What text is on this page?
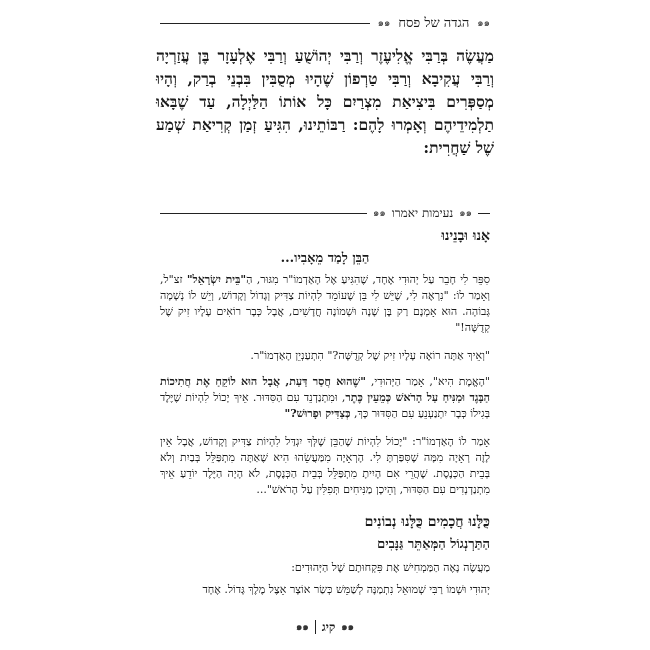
๑๑
הגדה של פסח
๑๑
מַעֲשֶׂה בְּרַבִּי אֱלִיעֶזֶר וְרַבִּי יְהוֹשֻׁעַ וְרַבִּי אֶלְעָזָר בֶּן עֲזַרְיָה וְרַבִּי עֲקִיבָא וְרַבִּי טַרְפוֹן שֶׁהָיוּ מְסֻבִּין בִּבְנֵי בְרַק, וְהָיוּ מְסַפְּרִים בִּיצִיאַת מִצְרַיִם כָּל אוֹתוֹ הַלַּיְלָה, עַד שֶׁבָּאוּ תַלְמִידֵיהֶם וְאָמְרוּ לָהֶם: רַבּוֹתֵינוּ, הִגִּיעַ זְמַן קְרִיאַת שְׁמַע שֶׁל שַׁחֲרִית:
๑๑
נעימות יאמרו
๑๑
אָנוּ וּבָנֵינוּ
הַבֵּן לָמַד מֵאָבִיו...
סִפֵּר לִי חָבֵר עַל יְהוּדִי אֶחָד, שֶׁהִגִּיעַ אֶל הָאַדְמוֹ"ר מִגּוּר, הַ"בֵּית יִשְׂרָאֵל" זצ"ל, וְאָמַר לוֹ: "נִרְאֶה לִי, שֶׁיֵּשׁ לִי בֵּן שֶׁעוֹמֵד לִהְיוֹת צַדִּיק וְגָדוֹל וְקָדוֹשׁ, וְיֵשׁ לוֹ נְשָׁמָה גְּבוֹהָה. הוּא אָמְנָם רַק בֶּן שָׁנָה וּשְׁמוֹנָה חֳדָשִׁים, אֲבָל כְּבָר רוֹאִים עָלָיו זִיק שֶׁל קְדֻשָּׁה!"
"וְאֵיךְ אַתָּה רוֹאֶה עָלָיו זִיק שֶׁל קְדֻשָּׁה?" הִתְעַנְיֵן הָאַדְמוֹ"ר.
"הָאֱמֶת הִיא", אָמַר הַיְּהוּדִי, "שֶׁהוּא חֲסַר דַּעַת, אֲבָל הוּא לוֹקֵחַ אֶת חֲתִיכוֹת הַבָּגֶד וּמַנִּיחַ עַל הָרֹאשׁ כְּמֵעֵין כֶּתֶר, וּמִתְנַדְנֵד עִם הַסִּדּוּר. אֵיךְ יָכוֹל לִהְיוֹת שֶׁיֶּלֶד בְּגִילוֹ כְּבָר יִתְנַעְנֵעַ עִם הַסִּדּוּר כָּךְ, כְּצַדִּיק וּפָרוּשׁ?"
אָמַר לוֹ הָאַדְמוֹ"ר: "יָכוֹל לִהְיוֹת שֶׁהַבֵּן שֶׁלְּךָ יִגְדַּל לִהְיוֹת צַדִּיק וְקָדוֹשׁ, אֲבָל אֵין לָזֶה רְאָיָה מִמָּה שֶׁסִּפַּרְתָּ לִי. הָרְאָיָה מִמַּעֲשֵׂהוּ הִיא שֶׁאַתָּה מִתְפַּלֵּל בְּבַיִת וְלֹא בְּבֵית הַכְּנֶסֶת. שֶׁהֲרֵי אִם הָיִיתָ מִתְפַּלֵּל בְּבֵית הַכְּנֶסֶת, לֹא הָיָה הַיֶּלֶד יוֹדֵעַ אֵיךְ מִתְנַדְנְדִים עִם הַסִּדּוּר, וְהֵיכָן מַנִּיחִים תְּפִלִּין עַל הָרֹאשׁ"...
כֻּלָּנוּ חֲכָמִים כֻּלָּנוּ נְבוֹנִים
הַתַּרְנְגוֹל הַמְּאַתֵּר גַּנָּבִים
מַעֲשֶׂה נָאֶה הַמַּמְחִישׁ אֶת פִּקְחוּתָם שֶׁל הַיְּהוּדִים:
יְהוּדִי וּשְׁמוֹ רַבִּי שְׁמוּאֵל נִתְמַנָּה לְשַׁמֵּשׁ כְּשַׂר אוֹצָר אֵצֶל מֶלֶךְ גָּדוֹל. אֶחָד
๑๑
קיג
๑๑
